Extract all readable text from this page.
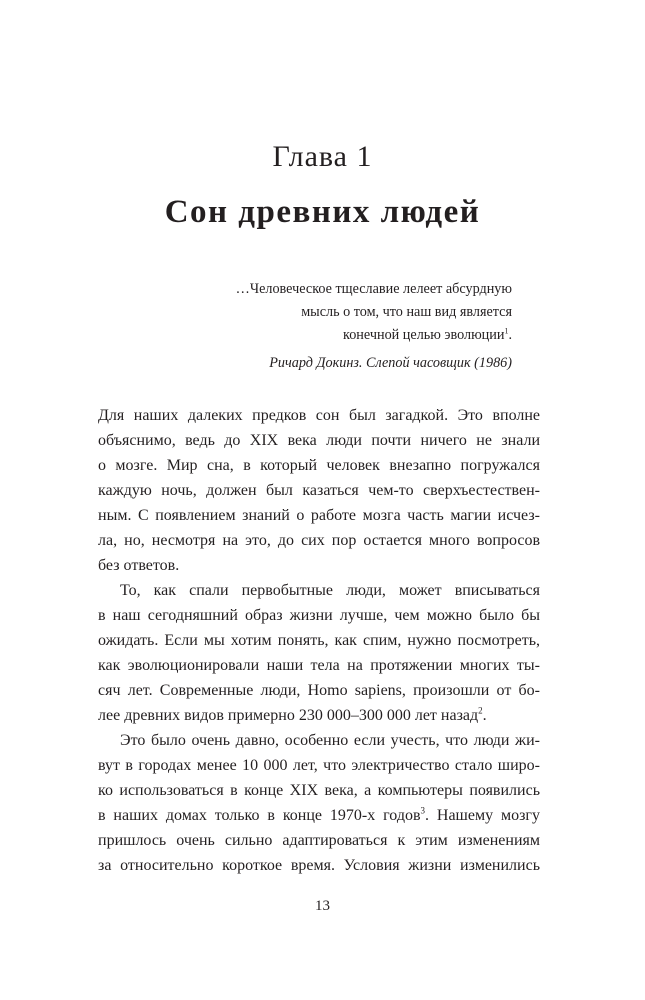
Глава 1
Сон древних людей
…Человеческое тщеславие лелеет абсурдную
мысль о том, что наш вид является
конечной целью эволюции$^1$.
Ричард Докинз. Слепой часовщик (1986)

Для наших далеких предков сон был загадкой. Это вполне
объяснимо, ведь до XIX века люди почти ничего не знали
о мозге. Мир сна, в который человек внезапно погружался
каждую ночь, должен был казаться чем-то сверхъестествен-
ным. С появлением знаний о работе мозга часть магии исчез-
ла, но, несмотря на это, до сих пор остается много вопросов
без ответов.

То, как спали первобытные люди, может вписываться
в наш сегодняшний образ жизни лучше, чем можно было бы
ожидать. Если мы хотим понять, как спим, нужно посмотреть,
как эволюционировали наши тела на протяжении многих ты-
сяч лет. Современные люди, Homo sapiens, произошли от бо-
лее древних видов примерно 230 000–300 000 лет назад$^2$.

Это было очень давно, особенно если учесть, что люди жи-
вут в городах менее 10 000 лет, что электричество стало широ-
ко использоваться в конце XIX века, а компьютеры появились
в наших домах только в конце 1970-х годов$^3$. Нашему мозгу
пришлось очень сильно адаптироваться к этим изменениям
за относительно короткое время. Условия жизни изменились

13
